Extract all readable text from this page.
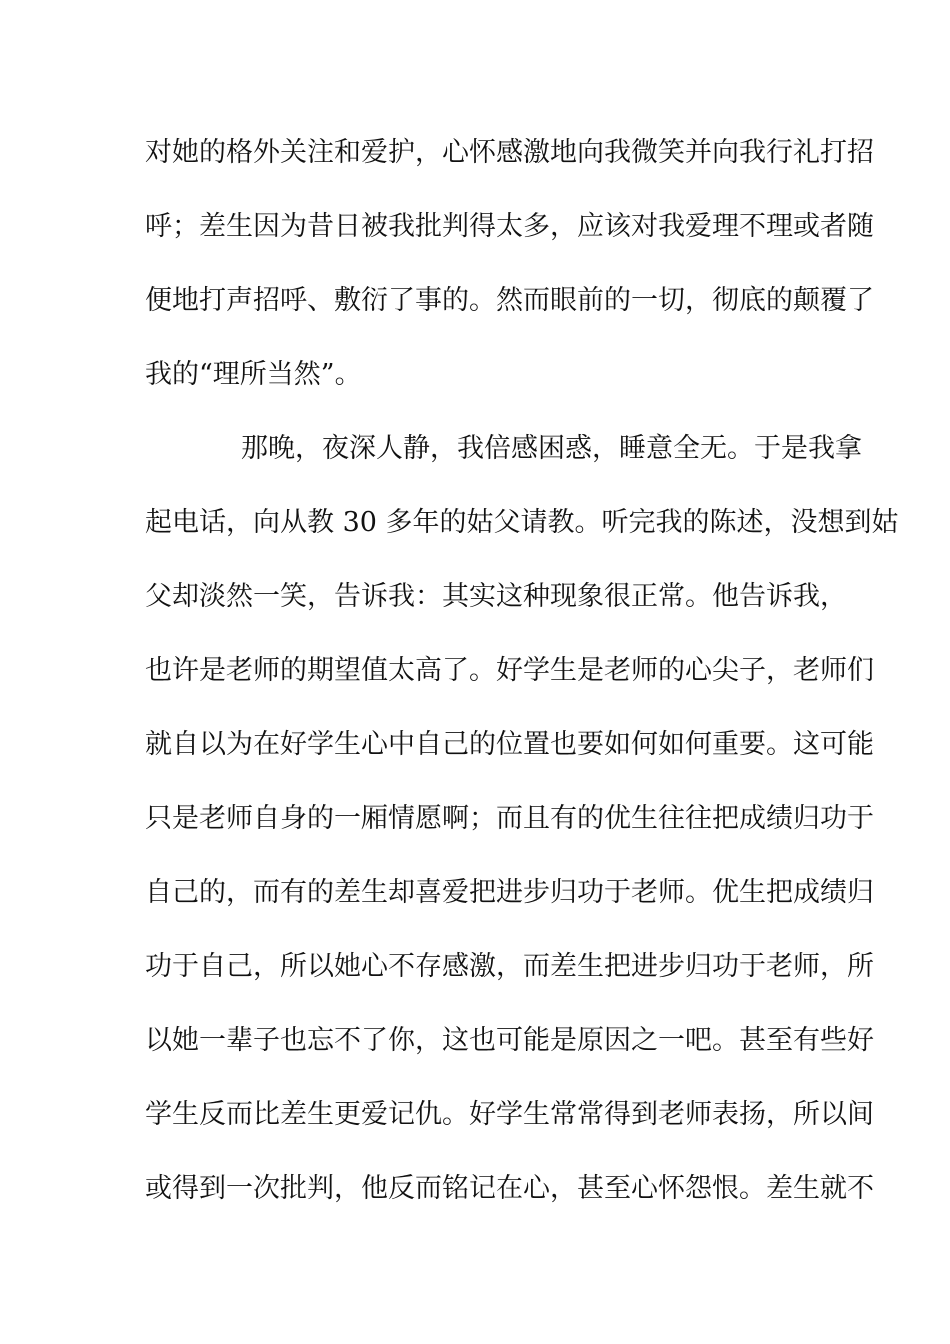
对她的格外关注和爱护，心怀感激地向我微笑并向我行礼打招
呼；差生因为昔日被我批判得太多，应该对我爱理不理或者随
便地打声招呼、敷衍了事的。然而眼前的一切，彻底的颠覆了
我的“理所当然”。
那晚，夜深人静，我倍感困惑，睡意全无。于是我拿
起电话，向从教 30 多年的姑父请教。听完我的陈述，没想到姑
父却淡然一笑，告诉我：其实这种现象很正常。他告诉我，
也许是老师的期望值太高了。好学生是老师的心尖子，老师们
就自以为在好学生心中自己的位置也要如何如何重要。这可能
只是老师自身的一厢情愿啊；而且有的优生往往把成绩归功于
自己的，而有的差生却喜爱把进步归功于老师。优生把成绩归
功于自己，所以她心不存感激，而差生把进步归功于老师，所
以她一辈子也忘不了你，这也可能是原因之一吧。甚至有些好
学生反而比差生更爱记仇。好学生常常得到老师表扬，所以间
或得到一次批判，他反而铭记在心，甚至心怀怨恨。差生就不
